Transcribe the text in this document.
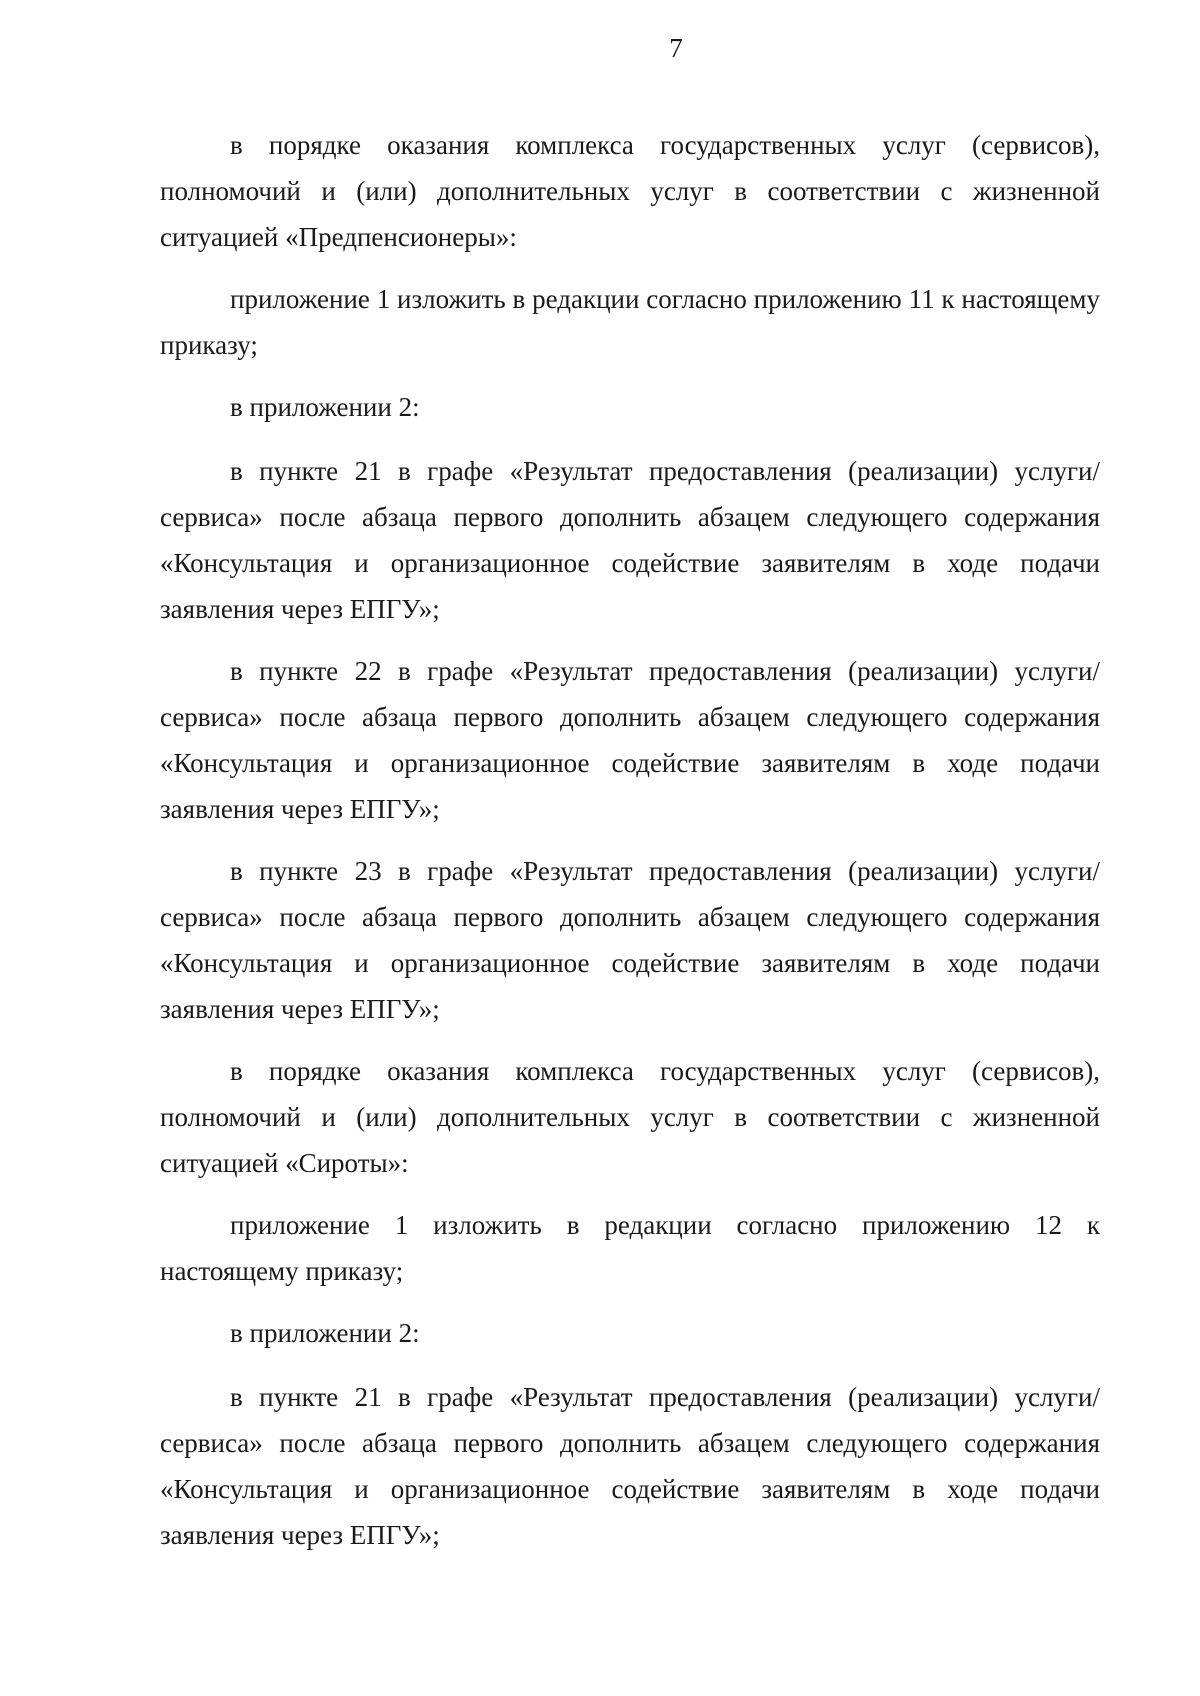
7

в порядке оказания комплекса государственных услуг (сервисов), полномочий и (или) дополнительных услуг в соответствии с жизненной ситуацией «Предпенсионеры»:

приложение 1 изложить в редакции согласно приложению 11 к настоящему приказу;

в приложении 2:

в пункте 21 в графе «Результат предоставления (реализации) услуги/сервиса» после абзаца первого дополнить абзацем следующего содержания «Консультация и организационное содействие заявителям в ходе подачи заявления через ЕПГУ»;

в пункте 22 в графе «Результат предоставления (реализации) услуги/сервиса» после абзаца первого дополнить абзацем следующего содержания «Консультация и организационное содействие заявителям в ходе подачи заявления через ЕПГУ»;

в пункте 23 в графе «Результат предоставления (реализации) услуги/сервиса» после абзаца первого дополнить абзацем следующего содержания «Консультация и организационное содействие заявителям в ходе подачи заявления через ЕПГУ»;

в порядке оказания комплекса государственных услуг (сервисов), полномочий и (или) дополнительных услуг в соответствии с жизненной ситуацией «Сироты»:

приложение 1 изложить в редакции согласно приложению 12 к настоящему приказу;

в приложении 2:

в пункте 21 в графе «Результат предоставления (реализации) услуги/сервиса» после абзаца первого дополнить абзацем следующего содержания «Консультация и организационное содействие заявителям в ходе подачи заявления через ЕПГУ»;
